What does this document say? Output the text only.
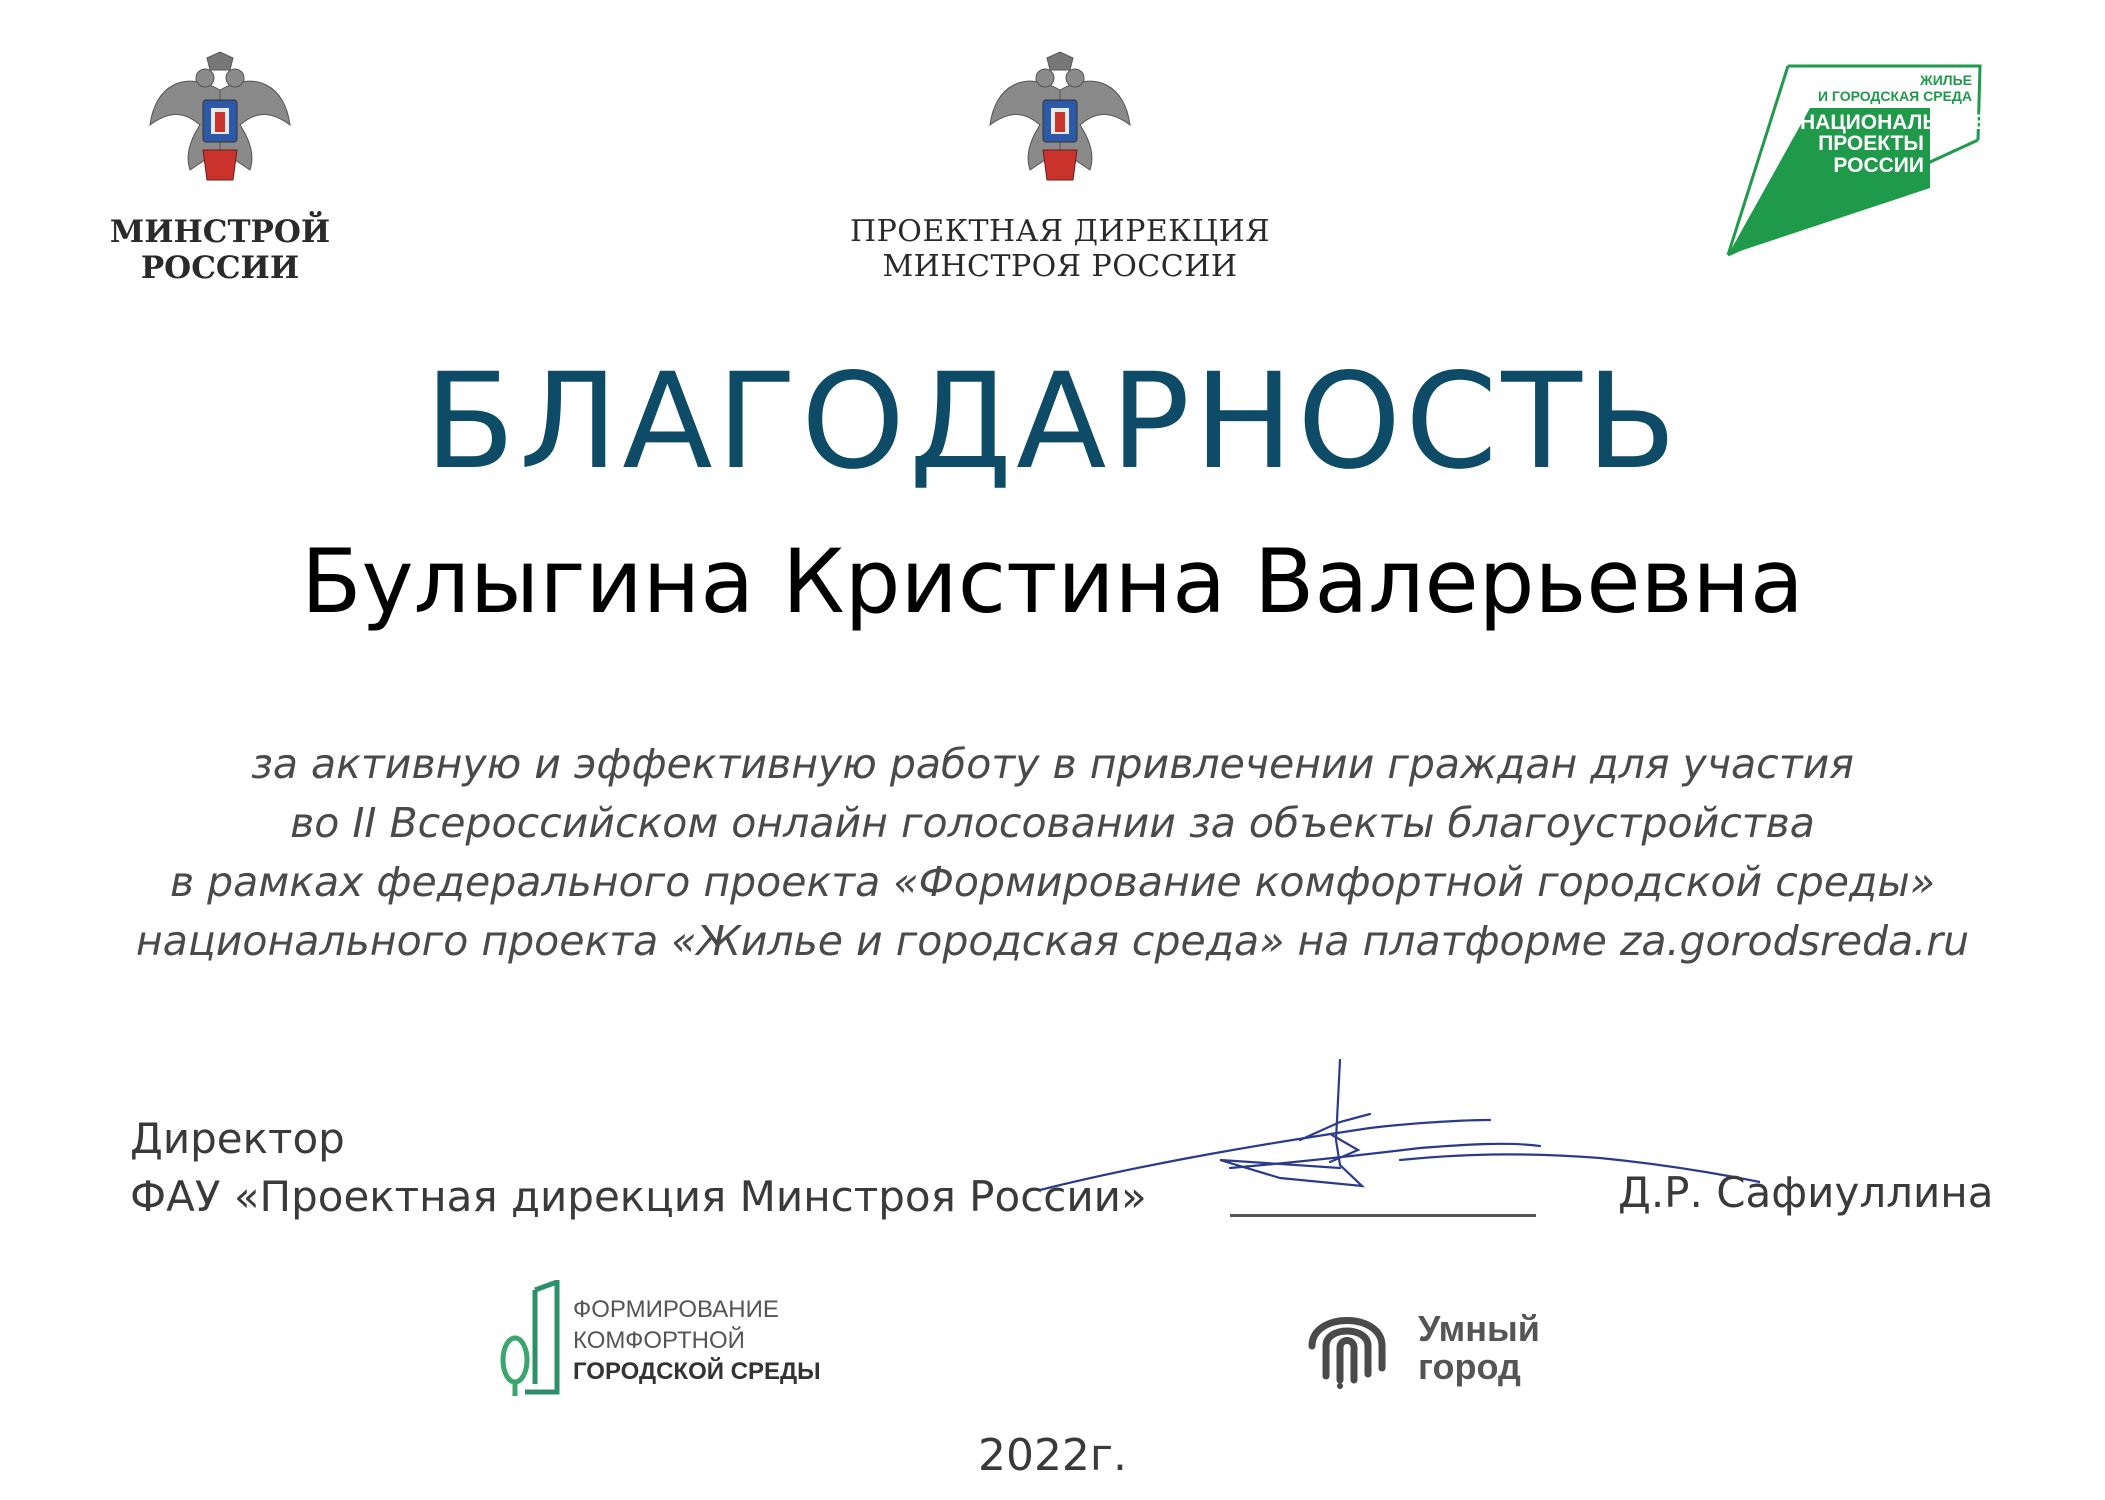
МИНСТРОЙ
РОССИИ
ПРОЕКТНАЯ ДИРЕКЦИЯ
МИНСТРОЯ РОССИИ
ЖИЛЬЕ
И ГОРОДСКАЯ СРЕДА
НАЦИОНАЛЬНЫЕ
ПРОЕКТЫ
РОССИИ
БЛАГОДАРНОСТЬ
Булыгина Кристина Валерьевна
за активную и эффективную работу в привлечении граждан для участия
во II Всероссийском онлайн голосовании за объекты благоустройства
в рамках федерального проекта «Формирование комфортной городской среды»
национального проекта «Жилье и городская среда» на платформе za.gorodsreda.ru
Директор
ФАУ «Проектная дирекция Минстроя России»	Д.Р. Сафиуллина
ФОРМИРОВАНИЕ
КОМФОРТНОЙ
ГОРОДСКОЙ СРЕДЫ
Умный
город
2022г.
